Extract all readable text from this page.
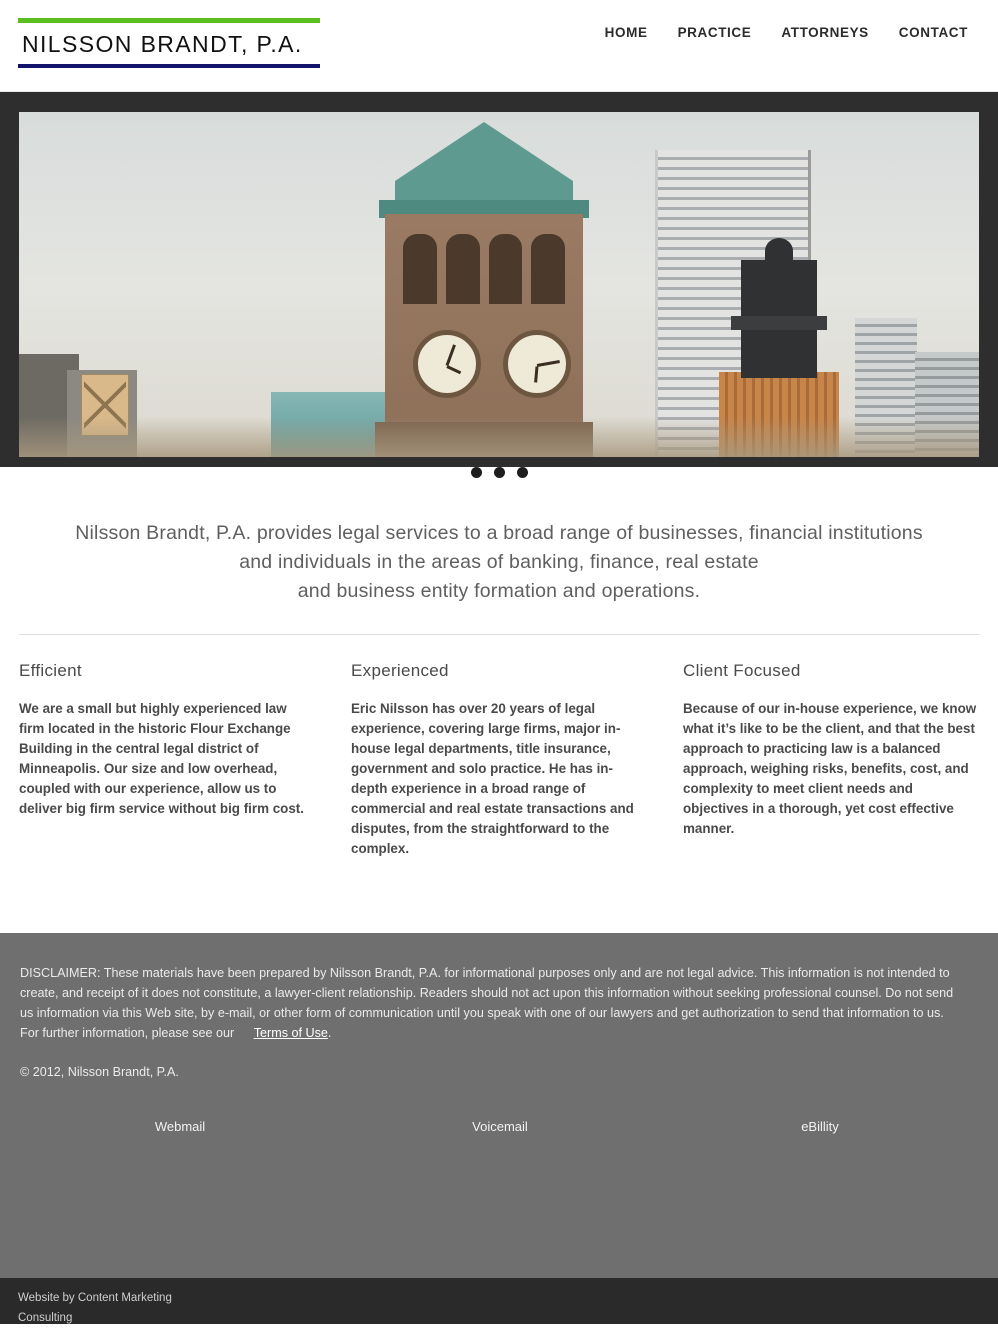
NILSSON BRANDT, P.A.	HOME PRACTICE ATTORNEYS CONTACT

Nilsson Brandt, P.A. provides legal services to a broad range of businesses, financial institutions

and individuals in the areas of banking, finance, real estate

and business entity formation and operations.

Efficient

We are a small but highly experienced law firm located in the historic Flour Exchange Building in the central legal district of Minneapolis. Our size and low overhead, coupled with our experience, allow us to deliver big firm service without big firm cost.

Experienced

Eric Nilsson has over 20 years of legal experience, covering large firms, major in-house legal departments, title insurance, government and solo practice. He has in-depth experience in a broad range of commercial and real estate transactions and disputes, from the straightforward to the complex.

Client Focused

Because of our in-house experience, we know what it’s like to be the client, and that the best approach to practicing law is a balanced approach, weighing risks, benefits, cost, and complexity to meet client needs and objectives in a thorough, yet cost effective manner.

DISCLAIMER: These materials have been prepared by Nilsson Brandt, P.A. for informational purposes only and are not legal advice. This information is not intended to create, and receipt of it does not constitute, a lawyer-client relationship. Readers should not act upon this information without seeking professional counsel. Do not send us information via this Web site, by e-mail, or other form of communication until you speak with one of our lawyers and get authorization to send that information to us. For further information, please see our Terms of Use.
© 2012, Nilsson Brandt, P.A.
Webmail	Voicemail	eBillity
Website by Content Marketing Consulting
